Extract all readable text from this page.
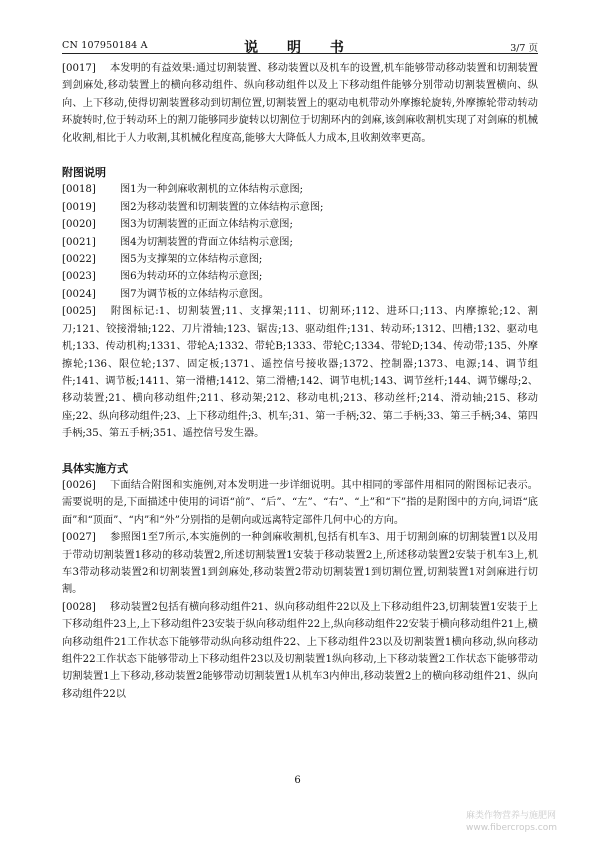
CN 107950184 A	说 明 书	3/7 页

[0017] 本发明的有益效果:通过切割装置、移动装置以及机车的设置,机车能够带动移动装置和切割装置到剑麻处,移动装置上的横向移动组件、纵向移动组件以及上下移动组件能够分别带动切割装置横向、纵向、上下移动,使得切割装置移动到切割位置,切割装置上的驱动电机带动外摩擦轮旋转,外摩擦轮带动转动环旋转时,位于转动环上的割刀能够同步旋转以切割位于切割环内的剑麻,该剑麻收割机实现了对剑麻的机械化收割,相比于人力收割,其机械化程度高,能够大大降低人力成本,且收割效率更高。

附图说明

[0018] 图1为一种剑麻收割机的立体结构示意图;

[0019] 图2为移动装置和切割装置的立体结构示意图;

[0020] 图3为切割装置的正面立体结构示意图;

[0021] 图4为切割装置的背面立体结构示意图;

[0022] 图5为支撑架的立体结构示意图;

[0023] 图6为转动环的立体结构示意图;

[0024] 图7为调节板的立体结构示意图。

[0025] 附图标记:1、切割装置;11、支撑架;111、切割环;112、进环口;113、内摩擦轮;12、割刀;121、铰接滑轴;122、刀片滑轴;123、锯齿;13、驱动组件;131、转动环;1312、凹槽;132、驱动电机;133、传动机构;1331、带轮A;1332、带轮B;1333、带轮C;1334、带轮D;134、传动带;135、外摩擦轮;136、限位轮;137、固定板;1371、遥控信号接收器;1372、控制器;1373、电源;14、调节组件;141、调节板;1411、第一滑槽;1412、第二滑槽;142、调节电机;143、调节丝杆;144、调节螺母;2、移动装置;21、横向移动组件;211、移动架;212、移动电机;213、移动丝杆;214、滑动轴;215、移动座;22、纵向移动组件;23、上下移动组件;3、机车;31、第一手柄;32、第二手柄;33、第三手柄;34、第四手柄;35、第五手柄;351、遥控信号发生器。

具体实施方式

[0026] 下面结合附图和实施例,对本发明进一步详细说明。其中相同的零部件用相同的附图标记表示。需要说明的是,下面描述中使用的词语“前”、“后”、“左”、“右”、“上”和“下”指的是附图中的方向,词语“底面”和“顶面”、“内”和“外”分别指的是朝向或远离特定部件几何中心的方向。

[0027] 参照图1至7所示,本实施例的一种剑麻收割机,包括有机车3、用于切割剑麻的切割装置1以及用于带动切割装置1移动的移动装置2,所述切割装置1安装于移动装置2上,所述移动装置2安装于机车3上,机车3带动移动装置2和切割装置1到剑麻处,移动装置2带动切割装置1到切割位置,切割装置1对剑麻进行切割。

[0028] 移动装置2包括有横向移动组件21、纵向移动组件22以及上下移动组件23,切割装置1安装于上下移动组件23上,上下移动组件23安装于纵向移动组件22上,纵向移动组件22安装于横向移动组件21上,横向移动组件21工作状态下能够带动纵向移动组件22、上下移动组件23以及切割装置1横向移动,纵向移动组件22工作状态下能够带动上下移动组件23以及切割装置1纵向移动,上下移动装置2工作状态下能够带动切割装置1上下移动,移动装置2能够带动切割装置1从机车3内伸出,移动装置2上的横向移动组件21、纵向移动组件22以

6
麻类作物营养与施肥网
www.fibercrops.com
